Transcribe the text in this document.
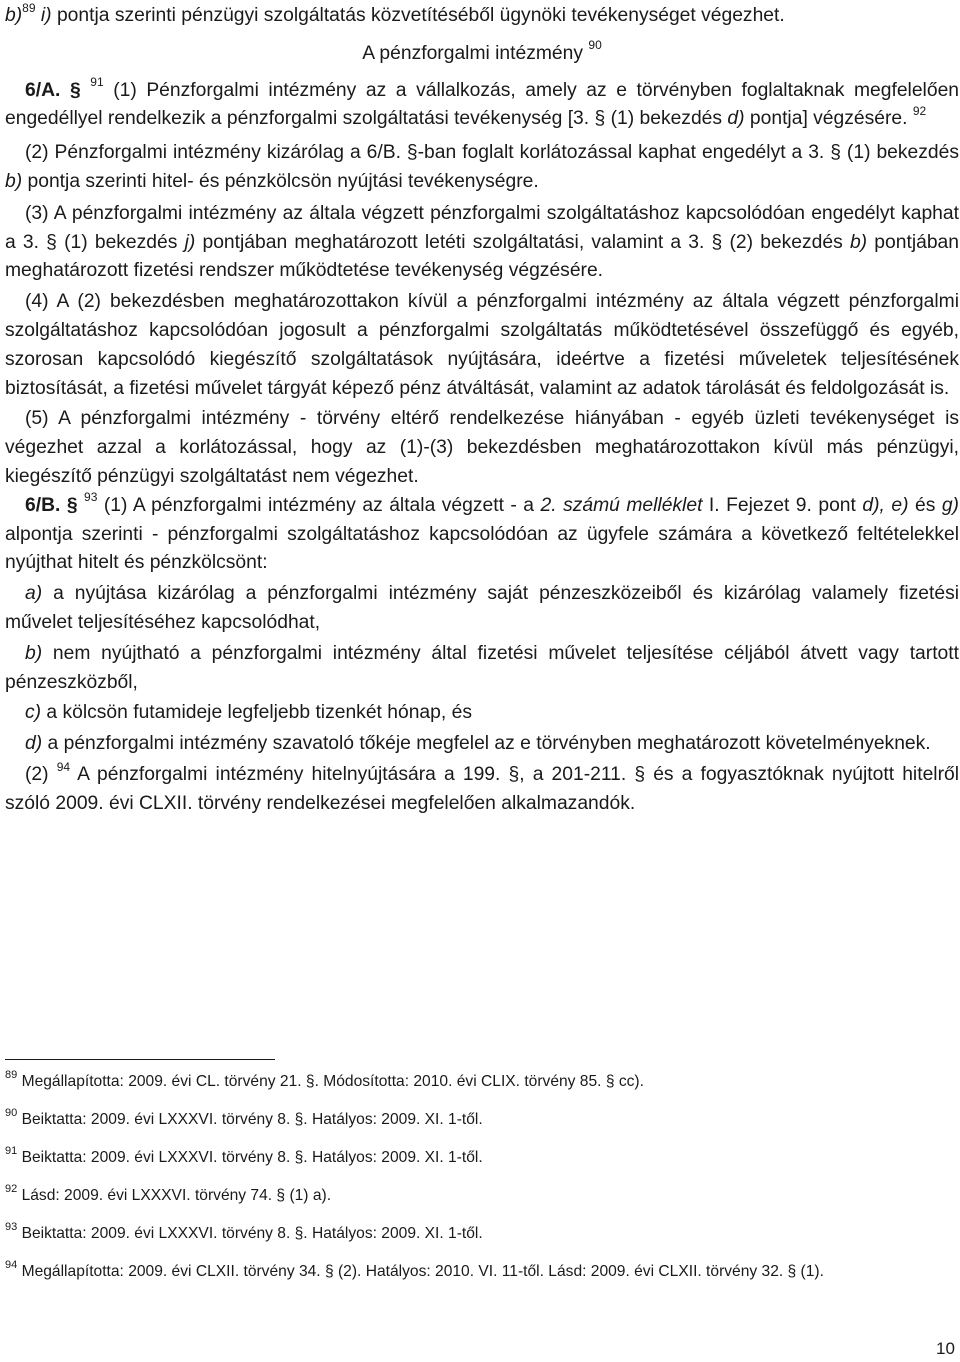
b)$^{89}$ i) pontja szerinti pénzügyi szolgáltatás közvetítéséből ügynöki tevékenységet végezhet.

A pénzforgalmi intézmény $^{90}$

6/A. § $^{91}$ (1) Pénzforgalmi intézmény az a vállalkozás, amely az e törvényben foglaltaknak megfelelően engedéllyel rendelkezik a pénzforgalmi szolgáltatási tevékenység [3. § (1) bekezdés d) pontja] végzésére. $^{92}$

(2) Pénzforgalmi intézmény kizárólag a 6/B. §-ban foglalt korlátozással kaphat engedélyt a 3. § (1) bekezdés b) pontja szerinti hitel- és pénzkölcsön nyújtási tevékenységre.

(3) A pénzforgalmi intézmény az általa végzett pénzforgalmi szolgáltatáshoz kapcsolódóan engedélyt kaphat a 3. § (1) bekezdés j) pontjában meghatározott letéti szolgáltatási, valamint a 3. § (2) bekezdés b) pontjában meghatározott fizetési rendszer működtetése tevékenység végzésére.

(4) A (2) bekezdésben meghatározottakon kívül a pénzforgalmi intézmény az általa végzett pénzforgalmi szolgáltatáshoz kapcsolódóan jogosult a pénzforgalmi szolgáltatás működtetésével összefüggő és egyéb, szorosan kapcsolódó kiegészítő szolgáltatások nyújtására, ideértve a fizetési műveletek teljesítésének biztosítását, a fizetési művelet tárgyát képező pénz átváltását, valamint az adatok tárolását és feldolgozását is.

(5) A pénzforgalmi intézmény - törvény eltérő rendelkezése hiányában - egyéb üzleti tevékenységet is végezhet azzal a korlátozással, hogy az (1)-(3) bekezdésben meghatározottakon kívül más pénzügyi, kiegészítő pénzügyi szolgáltatást nem végezhet.

6/B. § $^{93}$ (1) A pénzforgalmi intézmény az általa végzett - a 2. számú melléklet I. Fejezet 9. pont d), e) és g) alpontja szerinti - pénzforgalmi szolgáltatáshoz kapcsolódóan az ügyfele számára a következő feltételekkel nyújthat hitelt és pénzkölcsönt:

a) a nyújtása kizárólag a pénzforgalmi intézmény saját pénzeszközeiből és kizárólag valamely fizetési művelet teljesítéséhez kapcsolódhat,

b) nem nyújtható a pénzforgalmi intézmény által fizetési művelet teljesítése céljából átvett vagy tartott pénzeszközből,

c) a kölcsön futamideje legfeljebb tizenkét hónap, és

d) a pénzforgalmi intézmény szavatoló tőkéje megfelel az e törvényben meghatározott követelményeknek.

(2) $^{94}$ A pénzforgalmi intézmény hitelnyújtására a 199. §, a 201-211. § és a fogyasztóknak nyújtott hitelről szóló 2009. évi CLXII. törvény rendelkezései megfelelően alkalmazandók.

$^{89}$ Megállapította: 2009. évi CL. törvény 21. §. Módosította: 2010. évi CLIX. törvény 85. § cc).

$^{90}$ Beiktatta: 2009. évi LXXXVI. törvény 8. §. Hatályos: 2009. XI. 1-től.

$^{91}$ Beiktatta: 2009. évi LXXXVI. törvény 8. §. Hatályos: 2009. XI. 1-től.

$^{92}$ Lásd: 2009. évi LXXXVI. törvény 74. § (1) a).

$^{93}$ Beiktatta: 2009. évi LXXXVI. törvény 8. §. Hatályos: 2009. XI. 1-től.

$^{94}$ Megállapította: 2009. évi CLXII. törvény 34. § (2). Hatályos: 2010. VI. 11-től. Lásd: 2009. évi CLXII. törvény 32. § (1).

10
